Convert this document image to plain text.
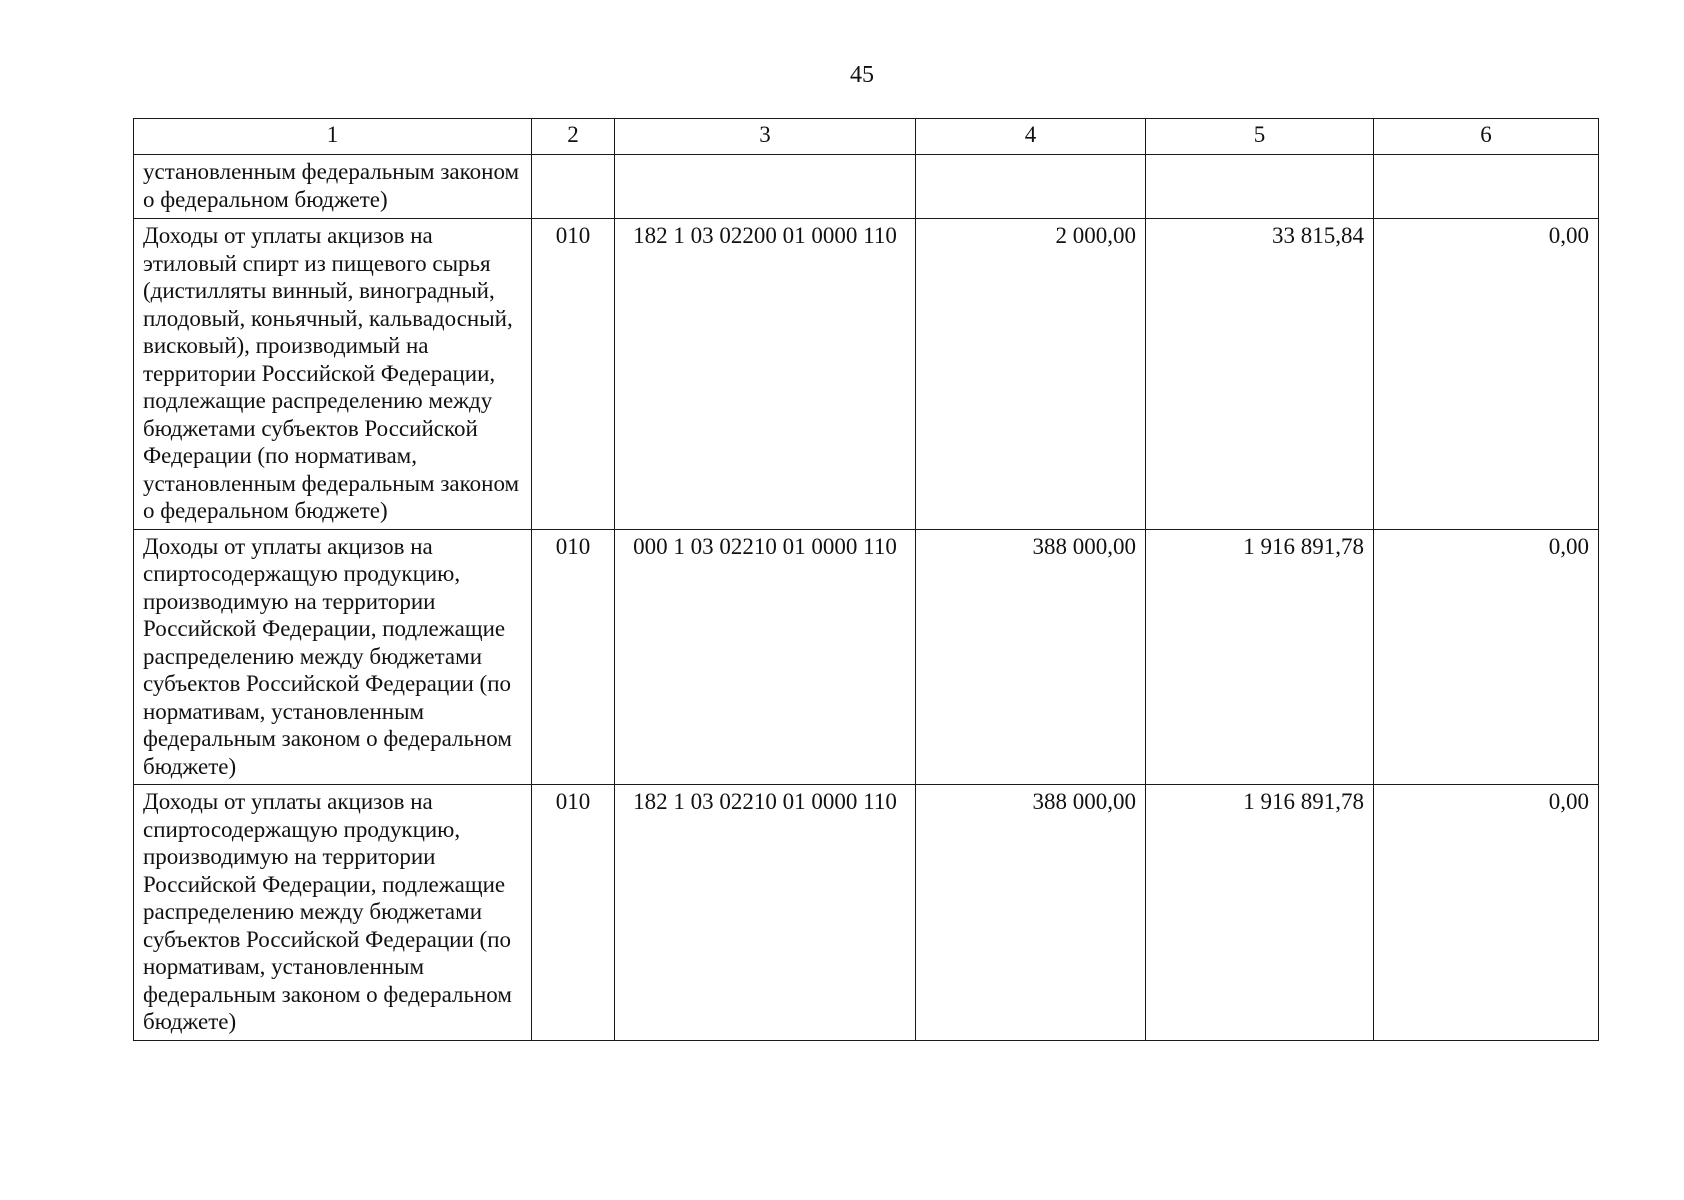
45
1	2	3	4	5	6
установленным федеральным законом о федеральном бюджете)					
Доходы от уплаты акцизов на этиловый спирт из пищевого сырья (дистилляты винный, виноградный, плодовый, коньячный, кальвадосный, висковый), производимый на территории Российской Федерации, подлежащие распределению между бюджетами субъектов Российской Федерации (по нормативам, установленным федеральным законом о федеральном бюджете)	010	182 1 03 02200 01 0000 110	2 000,00	33 815,84	0,00
Доходы от уплаты акцизов на спиртосодержащую продукцию, производимую на территории Российской Федерации, подлежащие распределению между бюджетами субъектов Российской Федерации (по нормативам, установленным федеральным законом о федеральном бюджете)	010	000 1 03 02210 01 0000 110	388 000,00	1 916 891,78	0,00
Доходы от уплаты акцизов на спиртосодержащую продукцию, производимую на территории Российской Федерации, подлежащие распределению между бюджетами субъектов Российской Федерации (по нормативам, установленным федеральным законом о федеральном бюджете)	010	182 1 03 02210 01 0000 110	388 000,00	1 916 891,78	0,00
